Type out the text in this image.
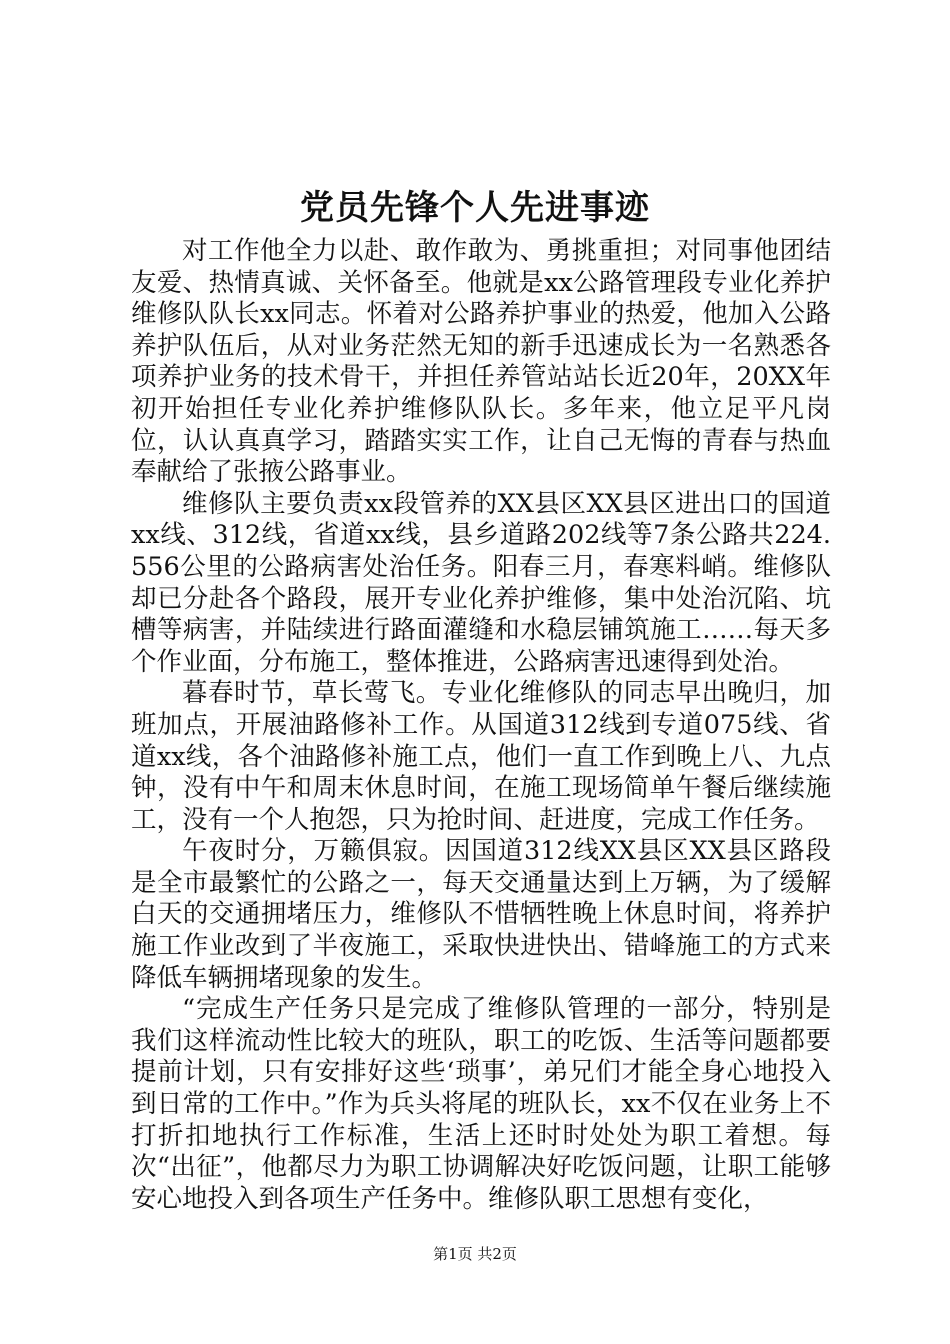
党员先锋个人先进事迹

对工作他全力以赴、敢作敢为、勇挑重担；对同事他团结友爱、热情真诚、关怀备至。他就是xx公路管理段专业化养护维修队队长xx同志。怀着对公路养护事业的热爱，他加入公路养护队伍后，从对业务茫然无知的新手迅速成长为一名熟悉各项养护业务的技术骨干，并担任养管站站长近20年，20XX年初开始担任专业化养护维修队队长。多年来，他立足平凡岗位，认认真真学习，踏踏实实工作，让自己无悔的青春与热血奉献给了张掖公路事业。

维修队主要负责xx段管养的XX县区XX县区进出口的国道xx线、312线，省道xx线，县乡道路202线等7条公路共224.556公里的公路病害处治任务。阳春三月，春寒料峭。维修队却已分赴各个路段，展开专业化养护维修，集中处治沉陷、坑槽等病害，并陆续进行路面灌缝和水稳层铺筑施工……每天多个作业面，分布施工，整体推进，公路病害迅速得到处治。

暮春时节，草长莺飞。专业化维修队的同志早出晚归，加班加点，开展油路修补工作。从国道312线到专道075线、省道xx线，各个油路修补施工点，他们一直工作到晚上八、九点钟，没有中午和周末休息时间，在施工现场简单午餐后继续施工，没有一个人抱怨，只为抢时间、赶进度，完成工作任务。

午夜时分，万籁俱寂。因国道312线XX县区XX县区路段是全市最繁忙的公路之一，每天交通量达到上万辆，为了缓解白天的交通拥堵压力，维修队不惜牺牲晚上休息时间，将养护施工作业改到了半夜施工，采取快进快出、错峰施工的方式来降低车辆拥堵现象的发生。

“完成生产任务只是完成了维修队管理的一部分，特别是我们这样流动性比较大的班队，职工的吃饭、生活等问题都要提前计划，只有安排好这些‘琐事’，弟兄们才能全身心地投入到日常的工作中。”作为兵头将尾的班队长，xx不仅在业务上不打折扣地执行工作标准，生活上还时时处处为职工着想。每次“出征”，他都尽力为职工协调解决好吃饭问题，让职工能够安心地投入到各项生产任务中。维修队职工思想有变化，

第1页 共2页
